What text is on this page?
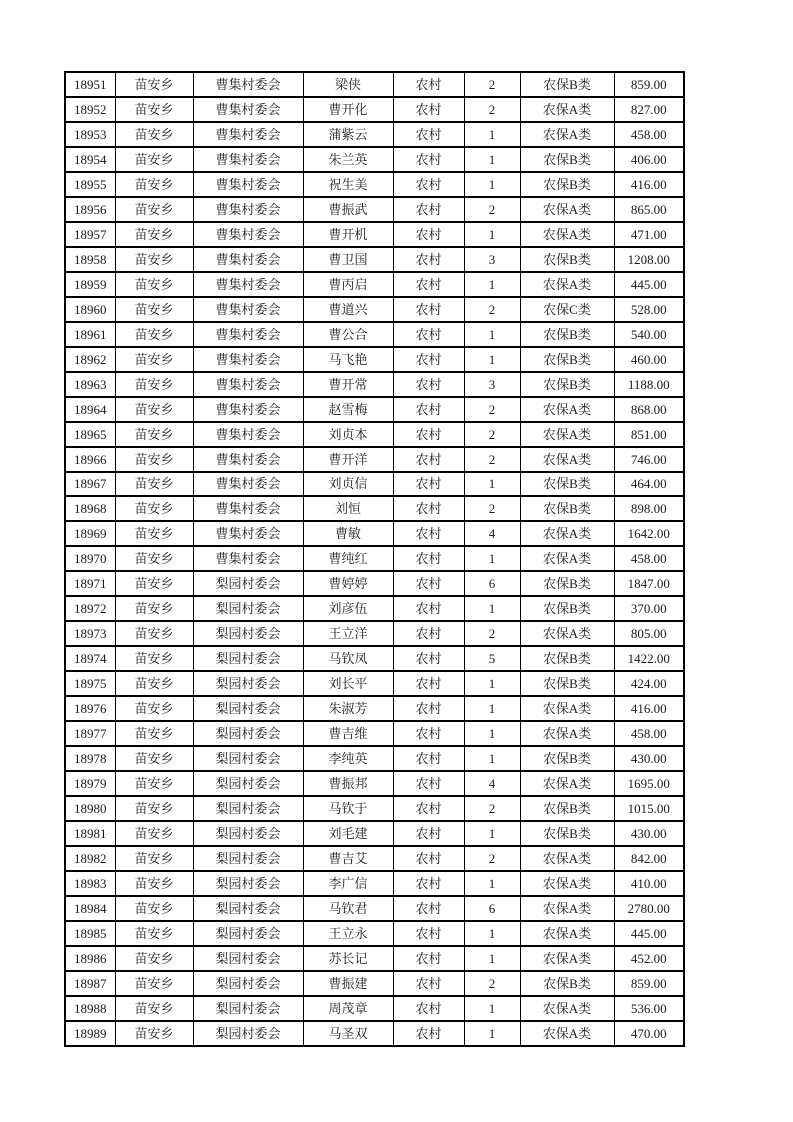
18951	苗安乡	曹集村委会	梁侠	农村	2	农保B类	859.00
18952	苗安乡	曹集村委会	曹开化	农村	2	农保A类	827.00
18953	苗安乡	曹集村委会	蒲紫云	农村	1	农保A类	458.00
18954	苗安乡	曹集村委会	朱兰英	农村	1	农保B类	406.00
18955	苗安乡	曹集村委会	祝生美	农村	1	农保B类	416.00
18956	苗安乡	曹集村委会	曹振武	农村	2	农保A类	865.00
18957	苗安乡	曹集村委会	曹开机	农村	1	农保A类	471.00
18958	苗安乡	曹集村委会	曹卫国	农村	3	农保B类	1208.00
18959	苗安乡	曹集村委会	曹丙启	农村	1	农保A类	445.00
18960	苗安乡	曹集村委会	曹道兴	农村	2	农保C类	528.00
18961	苗安乡	曹集村委会	曹公合	农村	1	农保B类	540.00
18962	苗安乡	曹集村委会	马飞艳	农村	1	农保B类	460.00
18963	苗安乡	曹集村委会	曹开常	农村	3	农保B类	1188.00
18964	苗安乡	曹集村委会	赵雪梅	农村	2	农保A类	868.00
18965	苗安乡	曹集村委会	刘贞本	农村	2	农保A类	851.00
18966	苗安乡	曹集村委会	曹开洋	农村	2	农保A类	746.00
18967	苗安乡	曹集村委会	刘贞信	农村	1	农保B类	464.00
18968	苗安乡	曹集村委会	刘恒	农村	2	农保B类	898.00
18969	苗安乡	曹集村委会	曹敏	农村	4	农保A类	1642.00
18970	苗安乡	曹集村委会	曹纯红	农村	1	农保A类	458.00
18971	苗安乡	梨园村委会	曹婷婷	农村	6	农保B类	1847.00
18972	苗安乡	梨园村委会	刘彦伍	农村	1	农保B类	370.00
18973	苗安乡	梨园村委会	王立洋	农村	2	农保A类	805.00
18974	苗安乡	梨园村委会	马钦凤	农村	5	农保B类	1422.00
18975	苗安乡	梨园村委会	刘长平	农村	1	农保B类	424.00
18976	苗安乡	梨园村委会	朱淑芳	农村	1	农保A类	416.00
18977	苗安乡	梨园村委会	曹吉维	农村	1	农保A类	458.00
18978	苗安乡	梨园村委会	李纯英	农村	1	农保B类	430.00
18979	苗安乡	梨园村委会	曹振邦	农村	4	农保A类	1695.00
18980	苗安乡	梨园村委会	马钦于	农村	2	农保B类	1015.00
18981	苗安乡	梨园村委会	刘毛建	农村	1	农保B类	430.00
18982	苗安乡	梨园村委会	曹吉艾	农村	2	农保A类	842.00
18983	苗安乡	梨园村委会	李广信	农村	1	农保A类	410.00
18984	苗安乡	梨园村委会	马钦君	农村	6	农保A类	2780.00
18985	苗安乡	梨园村委会	王立永	农村	1	农保A类	445.00
18986	苗安乡	梨园村委会	苏长记	农村	1	农保A类	452.00
18987	苗安乡	梨园村委会	曹振建	农村	2	农保B类	859.00
18988	苗安乡	梨园村委会	周茂章	农村	1	农保A类	536.00
18989	苗安乡	梨园村委会	马圣双	农村	1	农保A类	470.00
